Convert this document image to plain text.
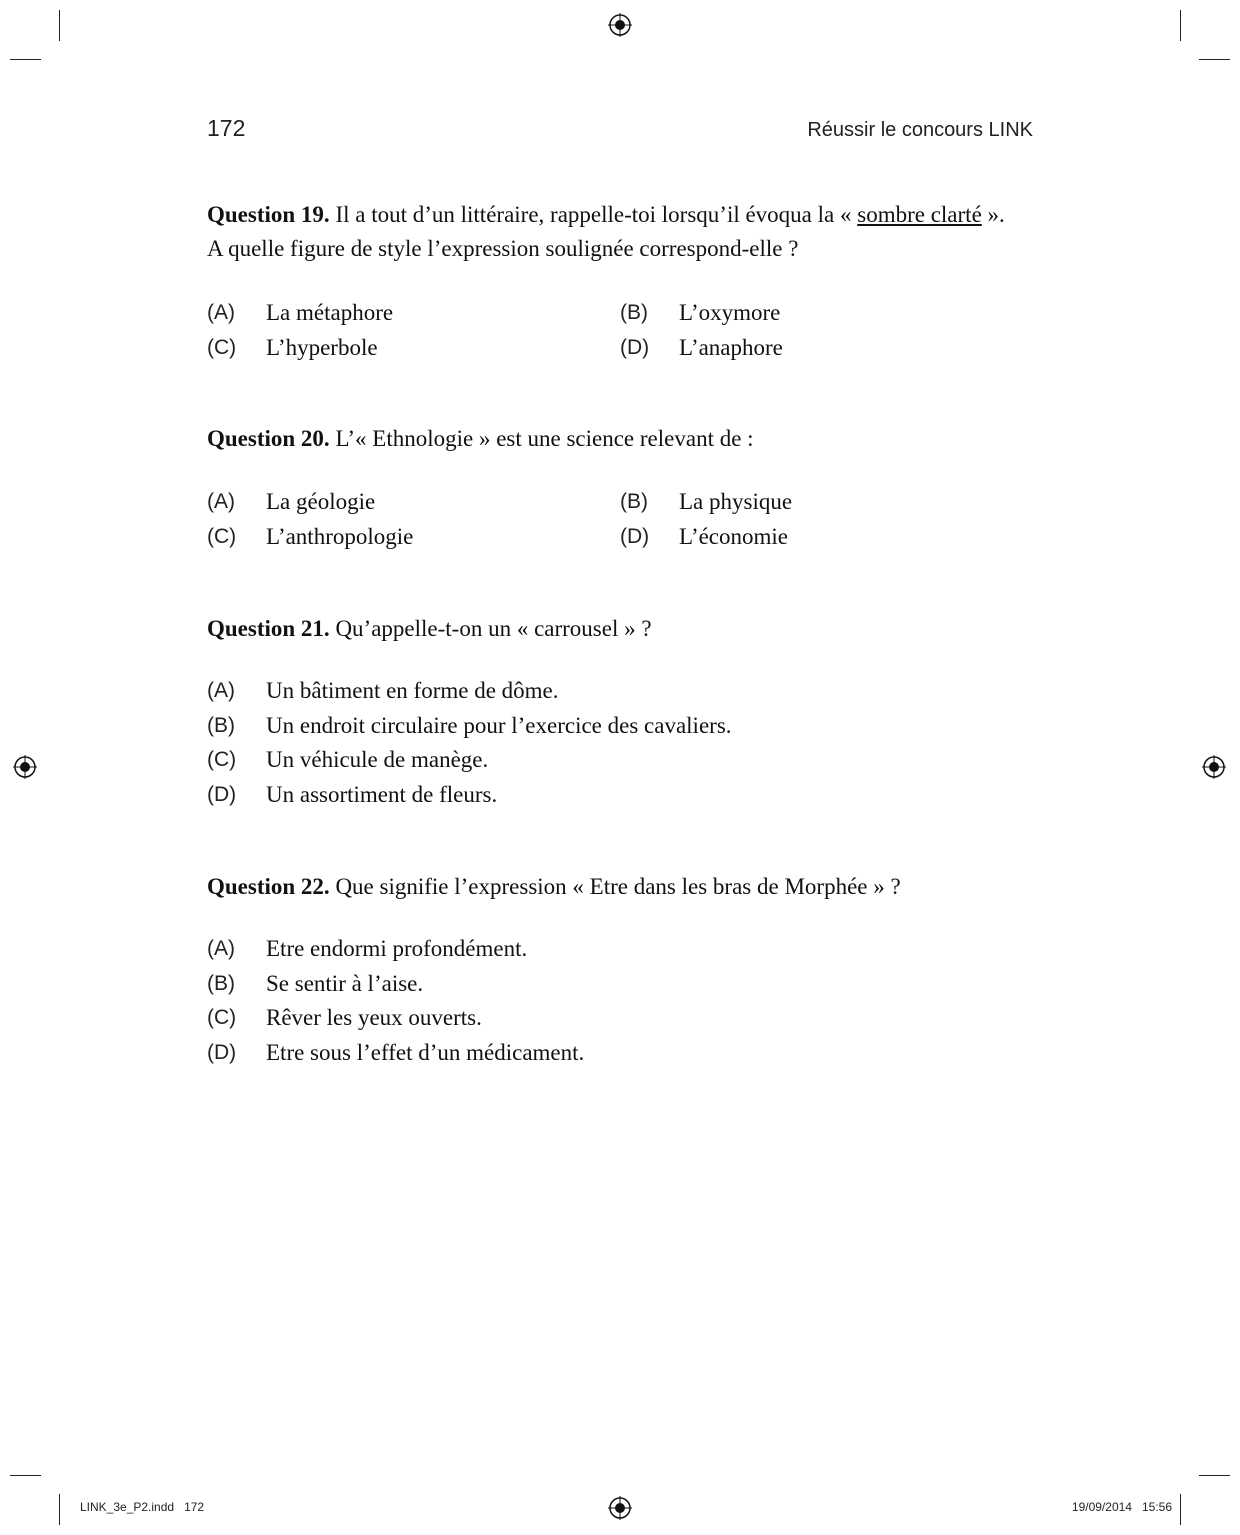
172	Réussir le concours LINK
Question 19. Il a tout d’un littéraire, rappelle-toi lorsqu’il évoqua la « sombre clarté ».
A quelle figure de style l’expression soulignée correspond-elle ?
(A) La métaphore	(B) L’oxymore
(C) L’hyperbole	(D) L’anaphore
Question 20. L’« Ethnologie » est une science relevant de :
(A) La géologie	(B) La physique
(C) L’anthropologie	(D) L’économie
Question 21. Qu’appelle-t-on un « carrousel » ?
(A) Un bâtiment en forme de dôme.
(B) Un endroit circulaire pour l’exercice des cavaliers.
(C) Un véhicule de manège.
(D) Un assortiment de fleurs.
Question 22. Que signifie l’expression « Etre dans les bras de Morphée » ?
(A) Etre endormi profondément.
(B) Se sentir à l’aise.
(C) Rêver les yeux ouverts.
(D) Etre sous l’effet d’un médicament.
LINK_3e_P2.indd   172	19/09/2014   15:56
